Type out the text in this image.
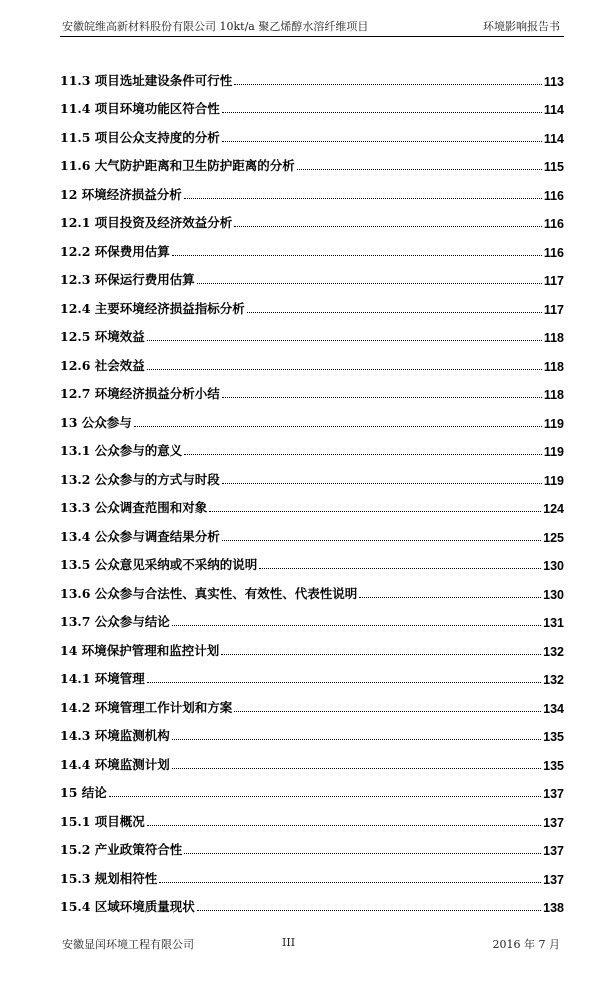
安徽皖维高新材料股份有限公司 10kt/a 聚乙烯醇水溶纤维项目	环境影响报告书
11.3 项目选址建设条件可行性	113
11.4 项目环境功能区符合性	114
11.5 项目公众支持度的分析	114
11.6 大气防护距离和卫生防护距离的分析	115
12 环境经济损益分析	116
12.1 项目投资及经济效益分析	116
12.2 环保费用估算	116
12.3 环保运行费用估算	117
12.4 主要环境经济损益指标分析	117
12.5 环境效益	118
12.6 社会效益	118
12.7 环境经济损益分析小结	118
13 公众参与	119
13.1 公众参与的意义	119
13.2 公众参与的方式与时段	119
13.3 公众调查范围和对象	124
13.4 公众参与调查结果分析	125
13.5 公众意见采纳或不采纳的说明	130
13.6 公众参与合法性、真实性、有效性、代表性说明	130
13.7 公众参与结论	131
14 环境保护管理和监控计划	132
14.1 环境管理	132
14.2 环境管理工作计划和方案	134
14.3 环境监测机构	135
14.4 环境监测计划	135
15 结论	137
15.1 项目概况	137
15.2 产业政策符合性	137
15.3 规划相符性	137
15.4 区域环境质量现状	138
安徽显闰环境工程有限公司	III	2016 年 7 月
